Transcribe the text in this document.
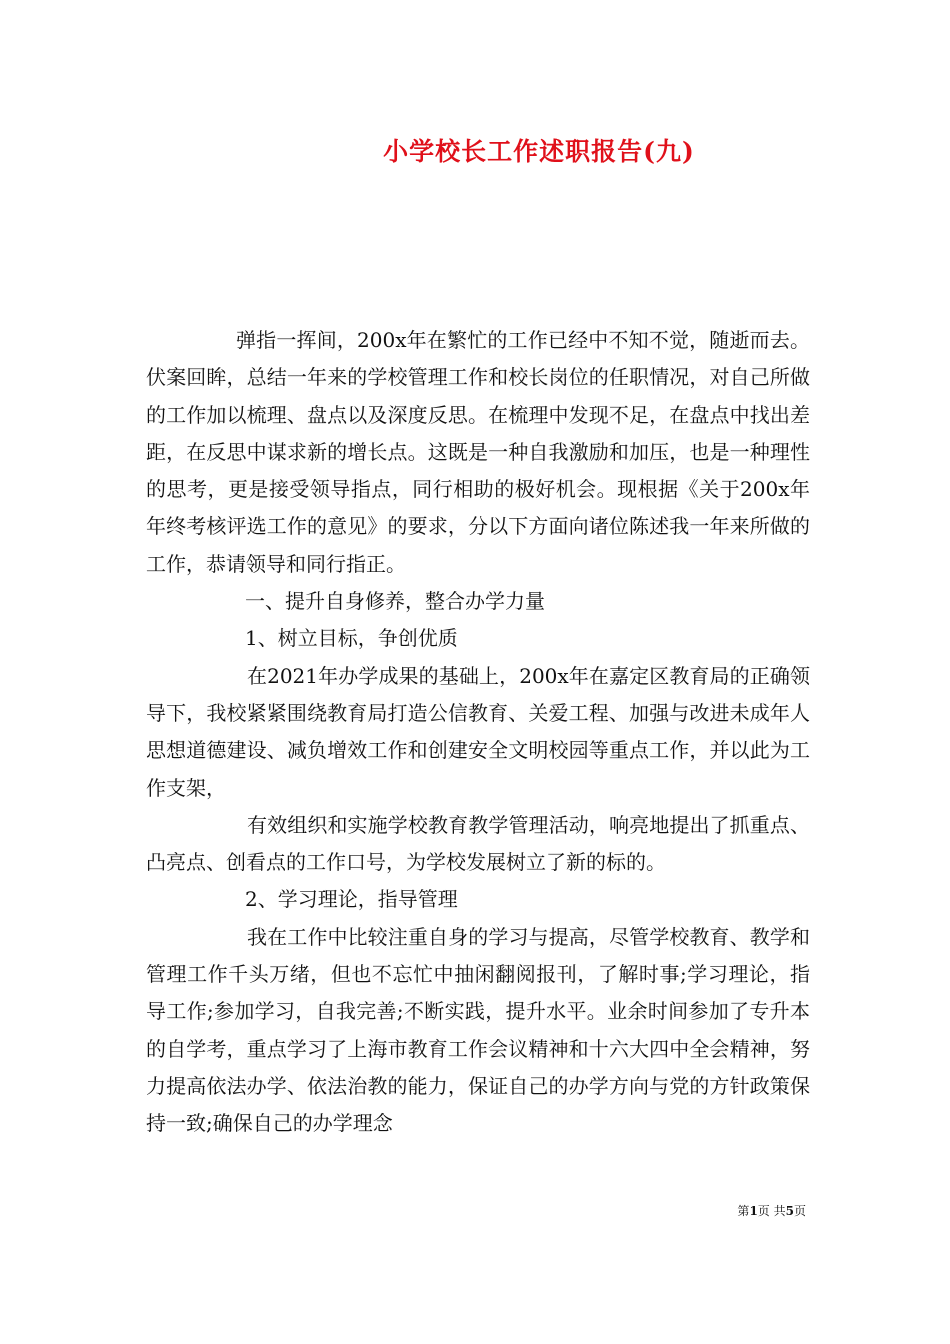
小学校长工作述职报告(九)

弹指一挥间，200x年在繁忙的工作已经中不知不觉，随逝而去。伏案回眸，总结一年来的学校管理工作和校长岗位的任职情况，对自己所做的工作加以梳理、盘点以及深度反思。在梳理中发现不足，在盘点中找出差距，在反思中谋求新的增长点。这既是一种自我激励和加压，也是一种理性的思考，更是接受领导指点，同行相助的极好机会。现根据《关于200x年年终考核评选工作的意见》的要求，分以下方面向诸位陈述我一年来所做的工作，恭请领导和同行指正。

一、提升自身修养，整合办学力量

1、树立目标，争创优质

在2021年办学成果的基础上，200x年在嘉定区教育局的正确领导下，我校紧紧围绕教育局打造公信教育、关爱工程、加强与改进未成年人思想道德建设、减负增效工作和创建安全文明校园等重点工作，并以此为工作支架，

有效组织和实施学校教育教学管理活动，响亮地提出了抓重点、凸亮点、创看点的工作口号，为学校发展树立了新的标的。

2、学习理论，指导管理

我在工作中比较注重自身的学习与提高，尽管学校教育、教学和管理工作千头万绪，但也不忘忙中抽闲翻阅报刊，了解时事;学习理论，指导工作;参加学习，自我完善;不断实践，提升水平。业余时间参加了专升本的自学考，重点学习了上海市教育工作会议精神和十六大四中全会精神，努力提高依法办学、依法治教的能力，保证自己的办学方向与党的方针政策保持一致;确保自己的办学理念

第1页 共5页
